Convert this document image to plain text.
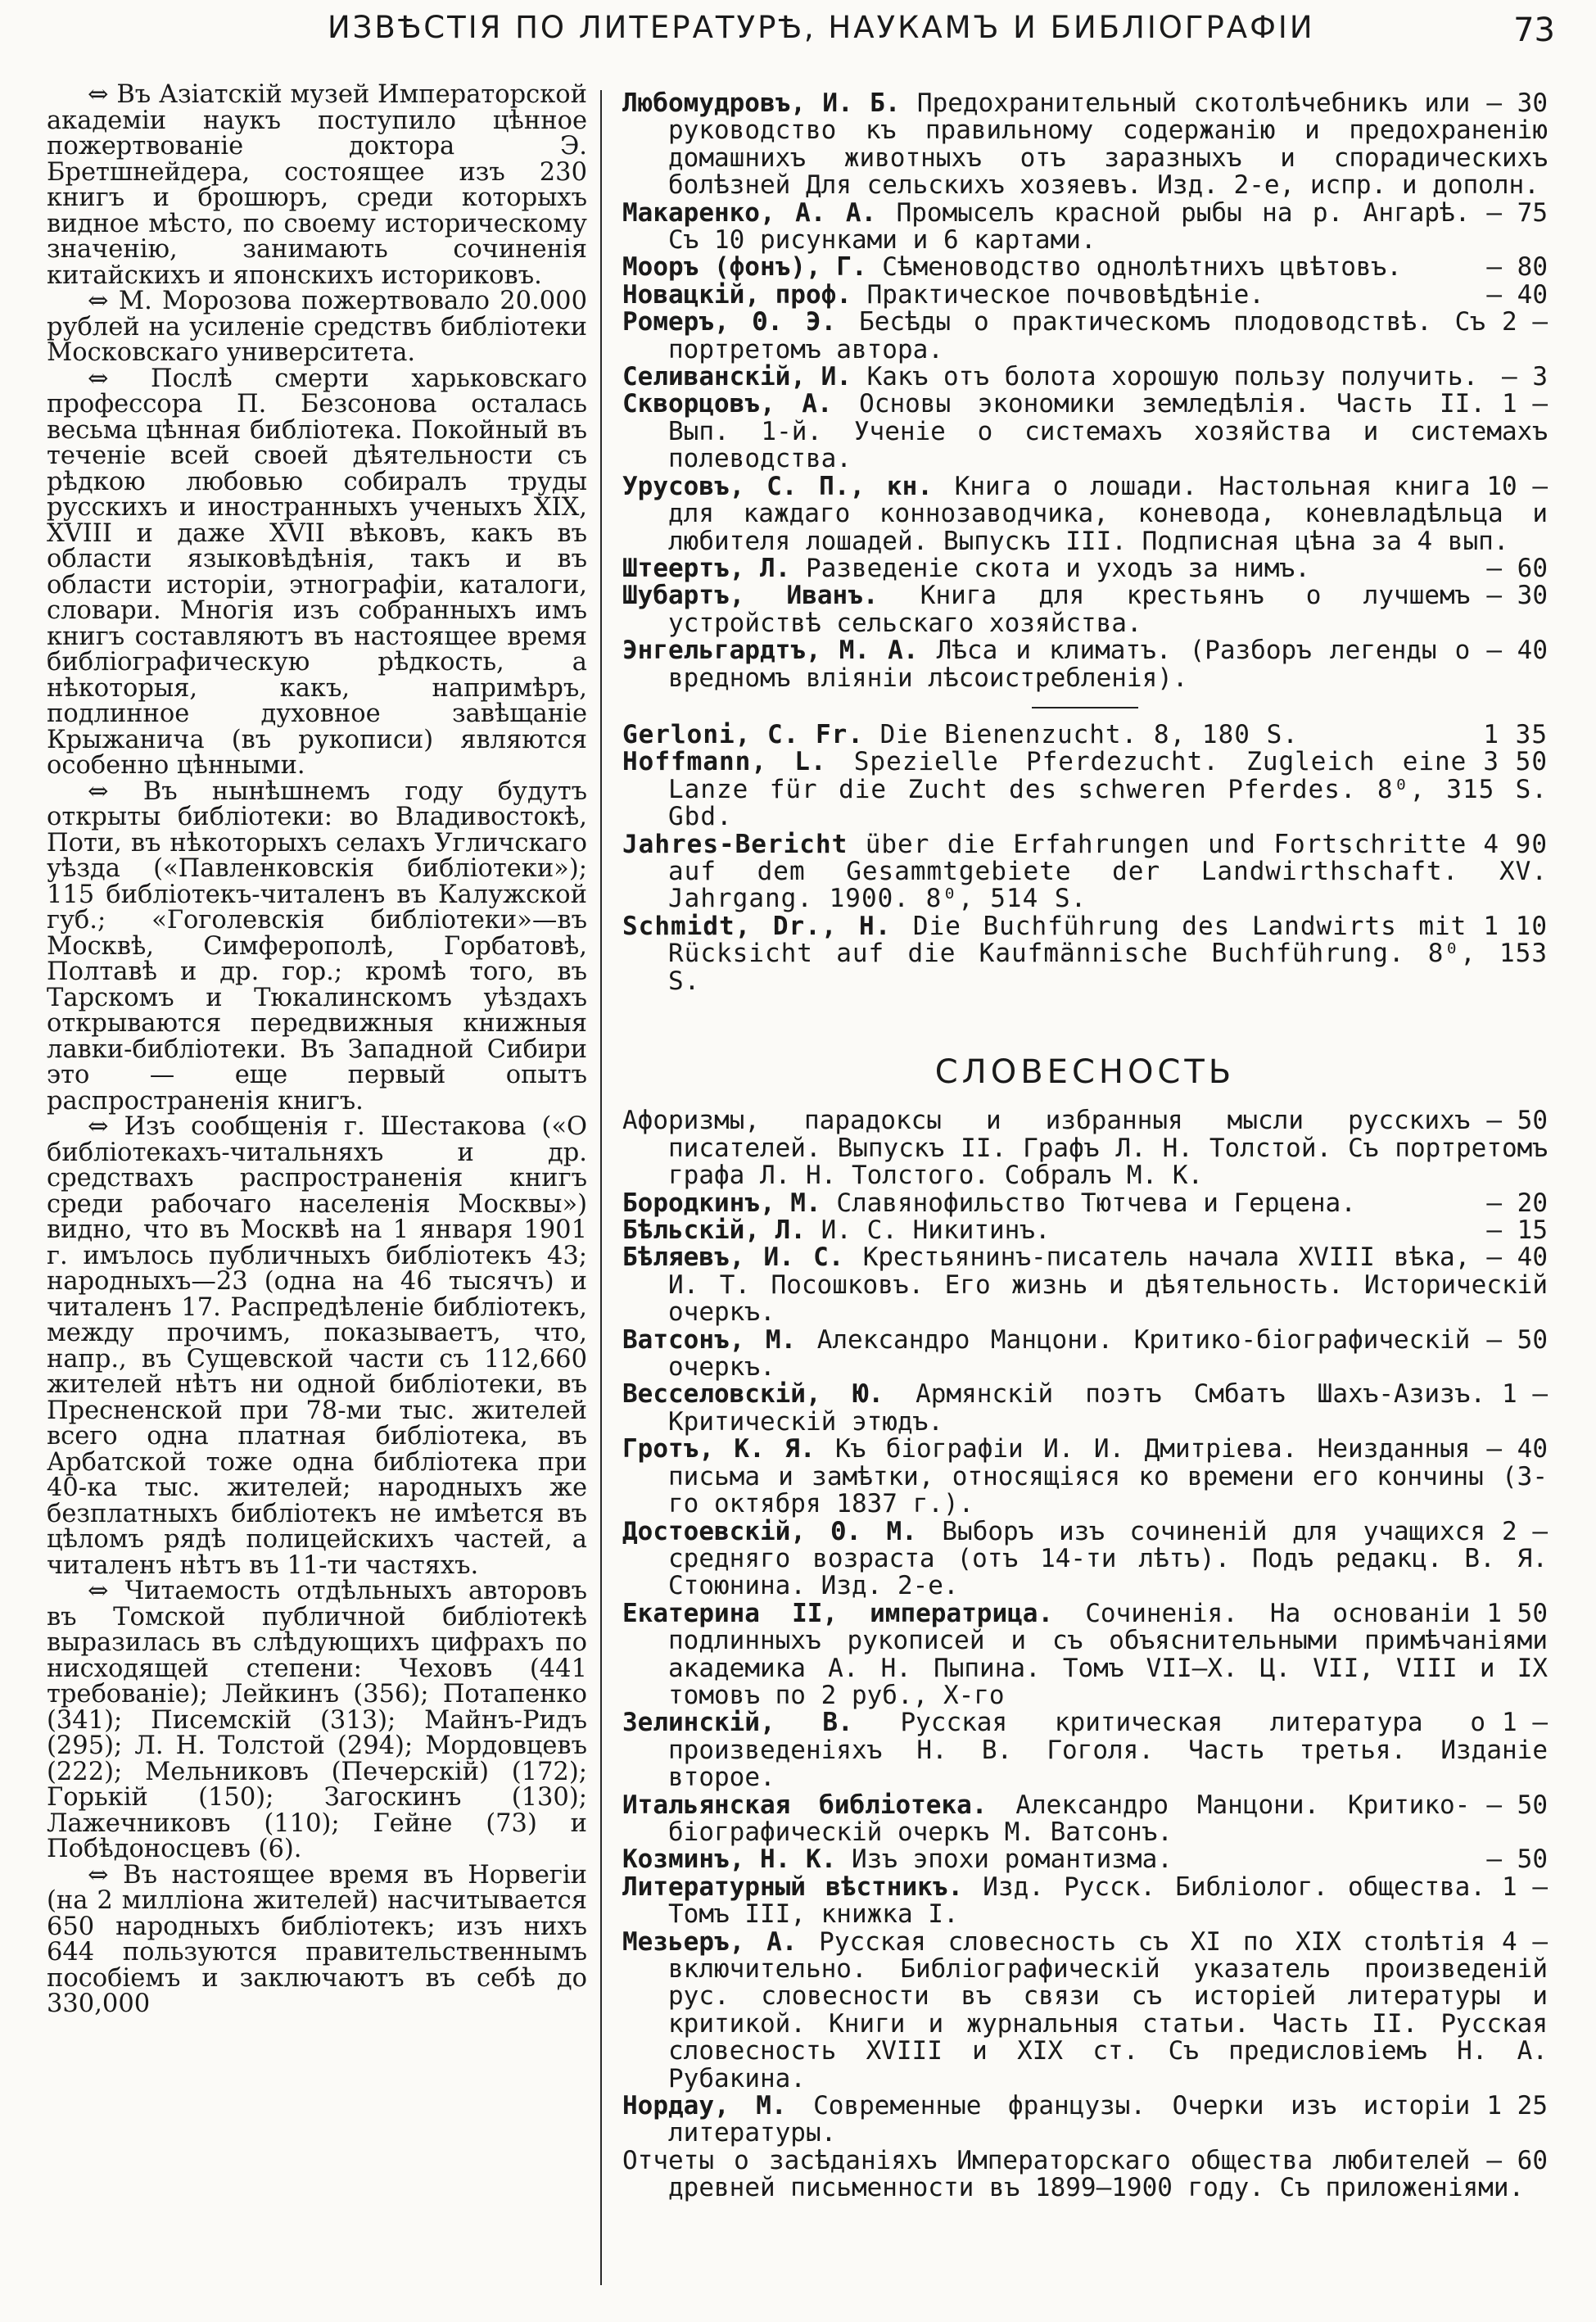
ИЗВѢСТІЯ ПО ЛИТЕРАТУРѢ, НАУКАМЪ И БИБЛІОГРАФІИ	73

⇔ Въ Азіатскій музей Императорской академіи наукъ поступило цѣнное пожертвованіе доктора Э. Бретшнейдера, состоящее изъ 230 книгъ и брошюръ, среди которыхъ видное мѣсто, по своему историческому значенію, занимають сочиненія китайскихъ и японскихъ историковъ.

⇔ М. Морозова пожертвовало 20.000 рублей на усиленіе средствъ библіотеки Московскаго университета.

⇔ Послѣ смерти харьковскаго профессора П. Безсонова осталась весьма цѣнная библіотека. Покойный въ теченіе всей своей дѣятельности съ рѣдкою любовью собиралъ труды русскихъ и иностранныхъ ученыхъ XIX, XVIII и даже XVII вѣковъ, какъ въ области языковѣдѣнія, такъ и въ области исторіи, этнографіи, каталоги, словари. Многія изъ собранныхъ имъ книгъ составляютъ въ настоящее время библіографическую рѣдкость, а нѣкоторыя, какъ, напримѣръ, подлинное духовное завѣщаніе Крыжанича (въ рукописи) являются особенно цѣнными.

⇔ Въ нынѣшнемъ году будутъ открыты библіотеки: во Владивостокѣ, Поти, въ нѣкоторыхъ селахъ Угличскаго уѣзда («Павленковскія библіотеки»); 115 библіотекъ-читаленъ въ Калужской губ.; «Гоголевскія библіотеки»—въ Москвѣ, Симферополѣ, Горбатовѣ, Полтавѣ и др. гор.; кромѣ того, въ Тарскомъ и Тюкалинскомъ уѣздахъ открываются передвижныя книжныя лавки-библіотеки. Въ Западной Сибири это — еще первый опытъ распространенія книгъ.

⇔ Изъ сообщенія г. Шестакова («О библіотекахъ-читальняхъ и др. средствахъ распространенія книгъ среди рабочаго населенія Москвы») видно, что въ Москвѣ на 1 января 1901 г. имълось публичныхъ библіотекъ 43; народныхъ—23 (одна на 46 тысячъ) и читаленъ 17. Распредѣленіе библіотекъ, между прочимъ, показываетъ, что, напр., въ Сущевской части съ 112,660 жителей нѣтъ ни одной библіотеки, въ Пресненской при 78-ми тыс. жителей всего одна платная библіотека, въ Арбатской тоже одна библіотека при 40-ка тыс. жителей; народныхъ же безплатныхъ библіотекъ не имѣется въ цѣломъ рядѣ полицейскихъ частей, а читаленъ нѣтъ въ 11-ти частяхъ.

⇔ Читаемость отдѣльныхъ авторовъ въ Томской публичной библіотекѣ выразилась въ слѣдующихъ цифрахъ по нисходящей степени: Чеховъ (441 требованіе); Лейкинъ (356); Потапенко (341); Писемскій (313); Майнъ-Ридъ (295); Л. Н. Толстой (294); Мордовцевъ (222); Мельниковъ (Печерскій) (172); Горькій (150); Загоскинъ (130); Лажечниковъ (110); Гейне (73) и Побѣдоносцевъ (6).

⇔ Въ настоящее время въ Норвегіи (на 2 милліона жителей) насчитывается 650 народныхъ библіотекъ; изъ нихъ 644 пользуются правительственнымъ пособіемъ и заключаютъ въ себѣ до 330,000

— 30
Любомудровъ, И. Б. Предохранительный скотолѣчебникъ или руководство къ правильному содержанію и предохраненію домашнихъ животныхъ отъ заразныхъ и спорадическихъ болѣзней Для сельскихъ хозяевъ. Изд. 2-е, испр. и дополн.
— 75
Макаренко, А. А. Промыселъ красной рыбы на р. Ангарѣ. Съ 10 рисунками и 6 картами.
— 80
Мооръ (фонъ), Г. Сѣменоводство однолѣтнихъ цвѣтовъ.
— 40
Новацкій, проф. Практическое почвовѣдѣніе.
2 —
Ромеръ, Θ. Э. Бесѣды о практическомъ плодоводствѣ. Съ портретомъ автора.
— 3
Селиванскій, И. Какъ отъ болота хорошую пользу получить.
1 —
Скворцовъ, А. Основы экономики земледѣлія. Часть II. Вып. 1-й. Ученіе о системахъ хозяйства и системахъ полеводства.
10 —
Урусовъ, С. П., кн. Книга о лошади. Настольная книга для каждаго коннозаводчика, коневода, коневладѣльца и любителя лошадей. Выпускъ III. Подписная цѣна за 4 вып.
— 60
Штеертъ, Л. Разведеніе скота и уходъ за нимъ.
— 30
Шубартъ, Иванъ. Книга для крестьянъ о лучшемъ устройствѣ сельскаго хозяйства.
— 40
Энгельгардтъ, М. А. Лѣса и климатъ. (Разборъ легенды о вредномъ вліяніи лѣсоистребленія).
1 35
Gerloni, C. Fr. Die Bienenzucht. 8, 180 S.
3 50
Hoffmann, L. Spezielle Pferdezucht. Zugleich eine Lanze für die Zucht des schweren Pferdes. 8⁰, 315 S. Gbd.
4 90
Jahres-Bericht über die Erfahrungen und Fortschritte auf dem Gesammtgebiete der Landwirthschaft. XV. Jahrgang. 1900. 8⁰, 514 S.
1 10
Schmidt, Dr., H. Die Buchführung des Landwirts mit Rücksicht auf die Kaufmännische Buchführung. 8⁰, 153 S.
СЛОВЕСНОСТЬ
— 50
Афоризмы, парадоксы и избранныя мысли русскихъ писателей. Выпускъ II. Графъ Л. Н. Толстой. Съ портретомъ графа Л. Н. Толстого. Собралъ М. К.
— 20
Бородкинъ, М. Славянофильство Тютчева и Герцена.
— 15
Бѣльскій, Л. И. С. Никитинъ.
— 40
Бѣляевъ, И. С. Крестьянинъ-писатель начала XVIII вѣка, И. Т. Посошковъ. Его жизнь и дѣятельность. Историческій очеркъ.
— 50
Ватсонъ, М. Александро Манцони. Критико-біографическій очеркъ.
1 —
Весселовскій, Ю. Армянскій поэтъ Смбатъ Шахъ-Азизъ. Критическій этюдъ.
— 40
Гротъ, К. Я. Къ біографіи И. И. Дмитріева. Неизданныя письма и замѣтки, относящіяся ко времени его кончины (3-го октября 1837 г.).
2 —
Достоевскій, Θ. М. Выборъ изъ сочиненій для учащихся средняго возраста (отъ 14-ти лѣтъ). Подъ редакц. В. Я. Стоюнина. Изд. 2-е.
1 50
Екатерина II, императрица. Сочиненія. На основаніи подлинныхъ рукописей и съ объяснительными примѣчаніями академика А. Н. Пыпина. Томъ VII—X. Ц. VII, VIII и IX томовъ по 2 руб., X-го
1 —
Зелинскій, В. Русская критическая литература о произведеніяхъ Н. В. Гоголя. Часть третья. Изданіе второе.
— 50
Итальянская библіотека. Александро Манцони. Критико-біографическій очеркъ М. Ватсонъ.
— 50
Козминъ, Н. К. Изъ эпохи романтизма.
1 —
Литературный вѣстникъ. Изд. Русск. Библіолог. общества. Томъ III, книжка I.
4 —
Мезьеръ, А. Русская словесность съ XI по XIX столѣтія включительно. Библіографическій указатель произведеній рус. словесности въ связи съ исторіей литературы и критикой. Книги и журнальныя статьи. Часть II. Русская словесность XVIII и XIX ст. Съ предисловіемъ Н. А. Рубакина.
1 25
Нордау, М. Современные французы. Очерки изъ исторіи литературы.
— 60
Отчеты о засѣданіяхъ Императорскаго общества любителей древней письменности въ 1899—1900 году. Съ приложеніями.
